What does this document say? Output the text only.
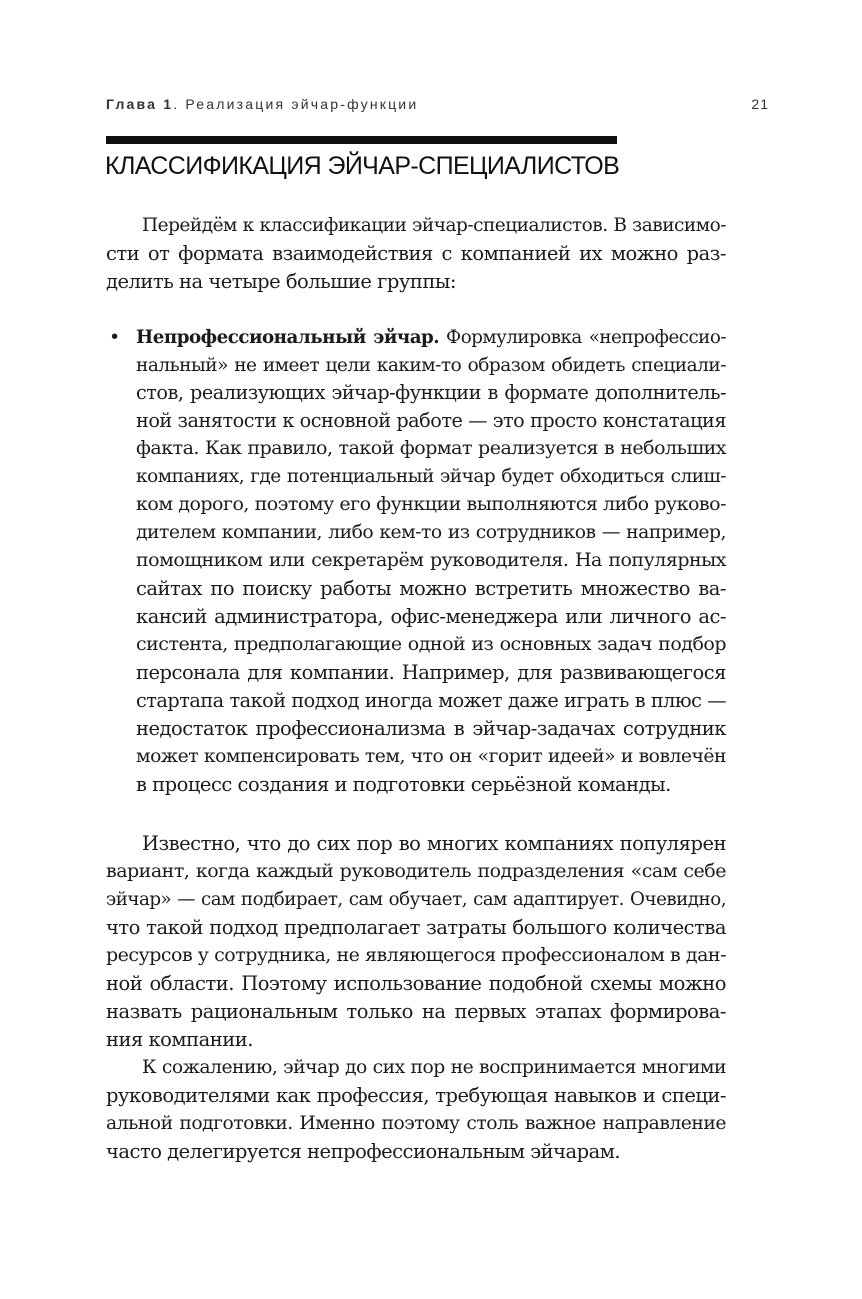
Глава 1. Реализация эйчар-функции	21
КЛАССИФИКАЦИЯ ЭЙЧАР-СПЕЦИАЛИСТОВ
Перейдём к классификации эйчар-специалистов. В зависимо-
сти от формата взаимодействия с компанией их можно раз-
делить на четыре большие группы:
• Непрофессиональный эйчар. Формулировка «непрофессио-
нальный» не имеет цели каким-то образом обидеть специали-
стов, реализующих эйчар-функции в формате дополнитель-
ной занятости к основной работе — это просто констатация
факта. Как правило, такой формат реализуется в небольших
компаниях, где потенциальный эйчар будет обходиться слиш-
ком дорого, поэтому его функции выполняются либо руково-
дителем компании, либо кем-то из сотрудников — например,
помощником или секретарём руководителя. На популярных
сайтах по поиску работы можно встретить множество ва-
кансий администратора, офис-менеджера или личного ас-
систента, предполагающие одной из основных задач подбор
персонала для компании. Например, для развивающегося
стартапа такой подход иногда может даже играть в плюс —
недостаток профессионализма в эйчар-задачах сотрудник
может компенсировать тем, что он «горит идеей» и вовлечён
в процесс создания и подготовки серьёзной команды.
Известно, что до сих пор во многих компаниях популярен
вариант, когда каждый руководитель подразделения «сам себе
эйчар» — сам подбирает, сам обучает, сам адаптирует. Очевидно,
что такой подход предполагает затраты большого количества
ресурсов у сотрудника, не являющегося профессионалом в дан-
ной области. Поэтому использование подобной схемы можно
назвать рациональным только на первых этапах формирова-
ния компании.
К сожалению, эйчар до сих пор не воспринимается многими
руководителями как профессия, требующая навыков и специ-
альной подготовки. Именно поэтому столь важное направление
часто делегируется непрофессиональным эйчарам.
